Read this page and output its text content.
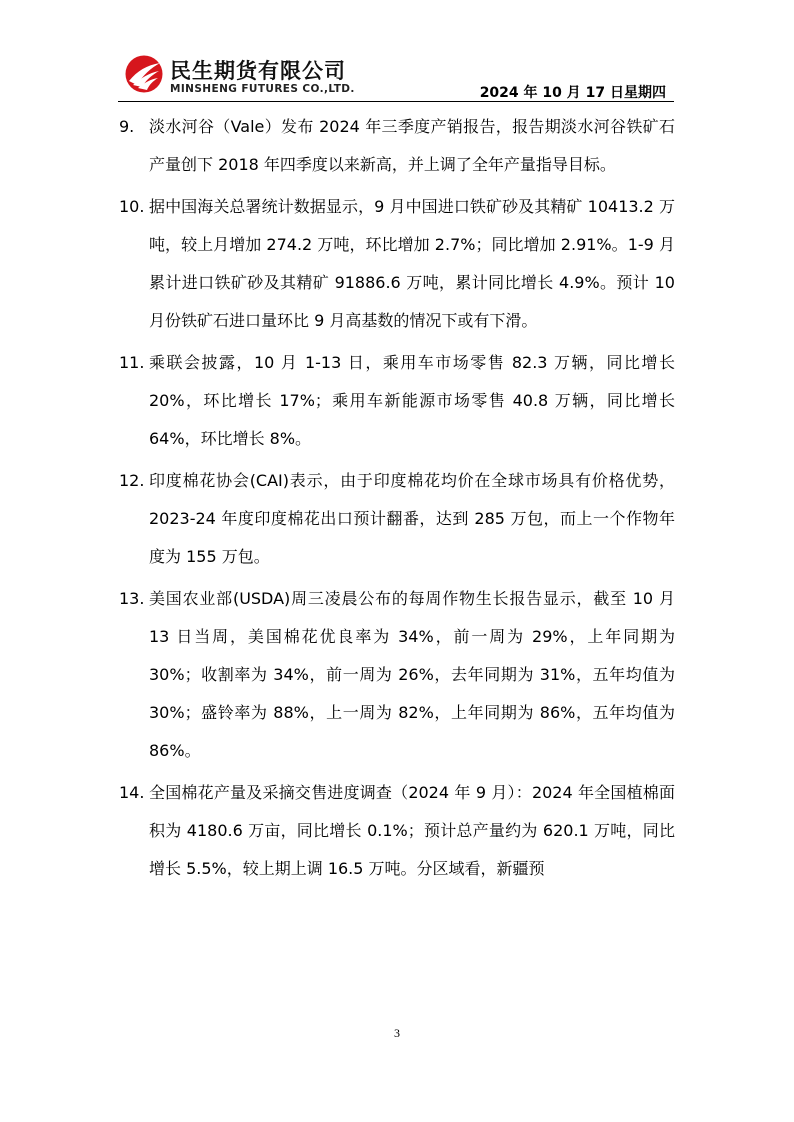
民生期货有限公司
MINSHENG FUTURES CO.,LTD.	2024 年 10 月 17 日星期四
9. 淡水河谷（Vale）发布 2024 年三季度产销报告，报告期淡水河谷铁矿石产量创下 2018 年四季度以来新高，并上调了全年产量指导目标。
10. 据中国海关总署统计数据显示，9 月中国进口铁矿砂及其精矿 10413.2 万吨，较上月增加 274.2 万吨，环比增加 2.7%；同比增加 2.91%。1-9 月累计进口铁矿砂及其精矿 91886.6 万吨，累计同比增长 4.9%。预计 10 月份铁矿石进口量环比 9 月高基数的情况下或有下滑。
11. 乘联会披露，10 月 1-13 日，乘用车市场零售 82.3 万辆，同比增长 20%，环比增长 17%；乘用车新能源市场零售 40.8 万辆，同比增长 64%，环比增长 8%。
12. 印度棉花协会(CAI)表示，由于印度棉花均价在全球市场具有价格优势，2023-24 年度印度棉花出口预计翻番，达到 285 万包，而上一个作物年度为 155 万包。
13. 美国农业部(USDA)周三凌晨公布的每周作物生长报告显示，截至 10 月 13 日当周，美国棉花优良率为 34%，前一周为 29%，上年同期为 30%；收割率为 34%，前一周为 26%，去年同期为 31%，五年均值为 30%；盛铃率为 88%，上一周为 82%，上年同期为 86%，五年均值为 86%。
14. 全国棉花产量及采摘交售进度调查（2024 年 9 月）：2024 年全国植棉面积为 4180.6 万亩，同比增长 0.1%；预计总产量约为 620.1 万吨，同比增长 5.5%，较上期上调 16.5 万吨。分区域看，新疆预
3
